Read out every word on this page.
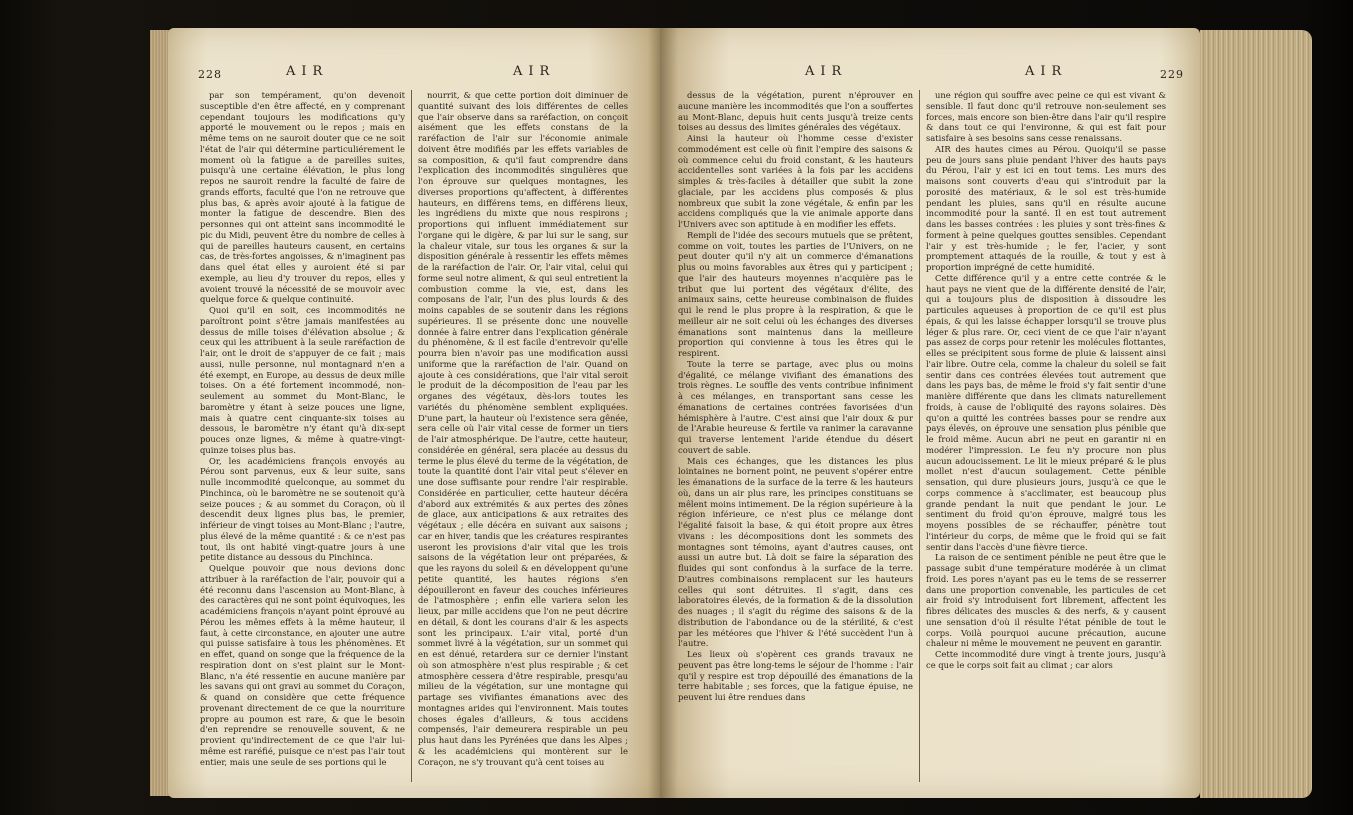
228	AIR	AIR

par son tempérament, qu'on devenoit susceptible d'en être affecté, en y comprenant cependant toujours les modifications qu'y apporté le mouvement ou le repos ; mais en même tems on ne sauroit douter que ce ne soit l'état de l'air qui détermine particuliérement le moment où la fatigue a de pareilles suites, puisqu'à une certaine élévation, le plus long repos ne sauroit rendre la faculté de faire de grands efforts, faculté que l'on ne retrouve que plus bas, & après avoir ajouté à la fatigue de monter la fatigue de descendre. Bien des personnes qui ont atteint sans incommodité le pic du Midi, peuvent être du nombre de celles à qui de pareilles hauteurs causent, en certains cas, de très-fortes angoisses, & n'imaginent pas dans quel état elles y auroient été si par exemple, au lieu d'y trouver du repos, elles y avoient trouvé la nécessité de se mouvoir avec quelque force & quelque continuité.

Quoi qu'il en soit, ces incommodités ne paroîtront point s'être jamais manifestées au dessus de mille toises d'élévation absolue ; & ceux qui les attribuent à la seule raréfaction de l'air, ont le droit de s'appuyer de ce fait ; mais aussi, nulle personne, nul montagnard n'en a été exempt, en Europe, au dessus de deux mille toises. On a été fortement incommodé, non-seulement au sommet du Mont-Blanc, le baromètre y étant à seize pouces une ligne, mais à quatre cent cinquante-six toises au dessous, le baromètre n'y étant qu'à dix-sept pouces onze lignes, & même à quatre-vingt-quinze toises plus bas.

Or, les académiciens françois envoyés au Pérou sont parvenus, eux & leur suite, sans nulle incommodité quelconque, au sommet du Pinchinca, où le baromètre ne se soutenoit qu'à seize pouces ; & au sommet du Coraçon, où il descendit deux lignes plus bas, le premier, inférieur de vingt toises au Mont-Blanc ; l'autre, plus élevé de la même quantité : & ce n'est pas tout, ils ont habité vingt-quatre jours à une petite distance au dessous du Pinchinca.

Quelque pouvoir que nous devions donc attribuer à la raréfaction de l'air, pouvoir qui a été reconnu dans l'ascension au Mont-Blanc, à des caractères qui ne sont point équivoques, les académiciens françois n'ayant point éprouvé au Pérou les mêmes effets à la même hauteur, il faut, à cette circonstance, en ajouter une autre qui puisse satisfaire à tous les phénomènes. Et en effet, quand on songe que la fréquence de la respiration dont on s'est plaint sur le Mont-Blanc, n'a été ressentie en aucune manière par les savans qui ont gravi au sommet du Coraçon, & quand on considère que cette fréquence provenant directement de ce que la nourriture propre au poumon est rare, & que le besoin d'en reprendre se renouvelle souvent, & ne provient qu'indirectement de ce que l'air lui-même est raréfié, puisque ce n'est pas l'air tout entier, mais une seule de ses portions qui le

nourrit, & que cette portion doit diminuer de quantité suivant des lois différentes de celles que l'air observe dans sa raréfaction, on conçoit aisément que les effets constans de la raréfaction de l'air sur l'économie animale doivent être modifiés par les effets variables de sa composition, & qu'il faut comprendre dans l'explication des incommodités singulières que l'on éprouve sur quelques montagnes, les diverses proportions qu'affectent, à différentes hauteurs, en différens tems, en différens lieux, les ingrédiens du mixte que nous respirons ; proportions qui influent immédiatement sur l'organe qui le digère, & par lui sur le sang, sur la chaleur vitale, sur tous les organes & sur la disposition générale à ressentir les effets mêmes de la raréfaction de l'air. Or, l'air vital, celui qui forme seul notre aliment, & qui seul entretient la combustion comme la vie, est, dans les composans de l'air, l'un des plus lourds & des moins capables de se soutenir dans les régions supérieures. Il se présente donc une nouvelle donnée à faire entrer dans l'explication générale du phénomène, & il est facile d'entrevoir qu'elle pourra bien n'avoir pas une modification aussi uniforme que la raréfaction de l'air. Quand on ajoute à ces considérations, que l'air vital seroit le produit de la décomposition de l'eau par les organes des végétaux, dès-lors toutes les variétés du phénomène semblent expliquées. D'une part, la hauteur où l'existence sera gênée, sera celle où l'air vital cesse de former un tiers de l'air atmosphérique. De l'autre, cette hauteur, considérée en général, sera placée au dessus du terme le plus élevé du terme de la végétation, de toute la quantité dont l'air vital peut s'élever en une dose suffisante pour rendre l'air respirable. Considérée en particulier, cette hauteur décéra d'abord aux extrémités & aux pertes des zônes de glace, aux anticipations & aux retraites des végétaux ; elle décéra en suivant aux saisons ; car en hiver, tandis que les créatures respirantes useront les provisions d'air vital que les trois saisons de la végétation leur ont préparées, & que les rayons du soleil & en développent qu'une petite quantité, les hautes régions s'en dépouilleront en faveur des couches inférieures de l'atmosphère ; enfin elle variera selon les lieux, par mille accidens que l'on ne peut décrire en détail, & dont les courans d'air & les aspects sont les principaux. L'air vital, porté d'un sommet livré à la végétation, sur un sommet qui en est dénué, retardera sur ce dernier l'instant où son atmosphère n'est plus respirable ; & cet atmosphère cessera d'être respirable, presqu'au milieu de la végétation, sur une montagne qui partage ses vivifiantes émanations avec des montagnes arides qui l'environnent. Mais toutes choses égales d'ailleurs, & tous accidens compensés, l'air demeurera respirable un peu plus haut dans les Pyrénées que dans les Alpes ; & les académiciens qui montèrent sur le Coraçon, ne s'y trouvant qu'à cent toises au

AIR	AIR	229

dessus de la végétation, purent n'éprouver en aucune manière les incommodités que l'on a souffertes au Mont-Blanc, depuis huit cents jusqu'à treize cents toises au dessus des limites générales des végétaux.

Ainsi la hauteur où l'homme cesse d'exister commodément est celle où finit l'empire des saisons & où commence celui du froid constant, & les hauteurs accidentelles sont variées à la fois par les accidens simples & très-faciles à détailler que subit la zone glaciale, par les accidens plus composés & plus nombreux que subit la zone végétale, & enfin par les accidens compliqués que la vie animale apporte dans l'Univers avec son aptitude à en modifier les effets.

Rempli de l'idée des secours mutuels que se prêtent, comme on voit, toutes les parties de l'Univers, on ne peut douter qu'il n'y ait un commerce d'émanations plus ou moins favorables aux êtres qui y participent ; que l'air des hauteurs moyennes n'acquière pas le tribut que lui portent des végétaux d'élite, des animaux sains, cette heureuse combinaison de fluides qui le rend le plus propre à la respiration, & que le meilleur air ne soit celui où les échanges des diverses émanations sont maintenus dans la meilleure proportion qui convienne à tous les êtres qui le respirent.

Toute la terre se partage, avec plus ou moins d'égalité, ce mélange vivifiant des émanations des trois règnes. Le souffle des vents contribue infiniment à ces mélanges, en transportant sans cesse les émanations de certaines contrées favorisées d'un hémisphère à l'autre. C'est ainsi que l'air doux & pur de l'Arabie heureuse & fertile va ranimer la caravanne qui traverse lentement l'aride étendue du désert couvert de sable.

Mais ces échanges, que les distances les plus lointaines ne bornent point, ne peuvent s'opérer entre les émanations de la surface de la terre & les hauteurs où, dans un air plus rare, les principes constituans se mêlent moins intimement. De la région supérieure à la région inférieure, ce n'est plus ce mélange dont l'égalité faisoit la base, & qui étoit propre aux êtres vivans : les décompositions dont les sommets des montagnes sont témoins, ayant d'autres causes, ont aussi un autre but. Là doit se faire la séparation des fluides qui sont confondus à la surface de la terre. D'autres combinaisons remplacent sur les hauteurs celles qui sont détruites. Il s'agit, dans ces laboratoires élevés, de la formation & de la dissolution des nuages ; il s'agit du régime des saisons & de la distribution de l'abondance ou de la stérilité, & c'est par les météores que l'hiver & l'été succèdent l'un à l'autre.

Les lieux où s'opèrent ces grands travaux ne peuvent pas être long-tems le séjour de l'homme : l'air qu'il y respire est trop dépouillé des émanations de la terre habitable ; ses forces, que la fatigue épuise, ne peuvent lui être rendues dans

une région qui souffre avec peine ce qui est vivant & sensible. Il faut donc qu'il retrouve non-seulement ses forces, mais encore son bien-être dans l'air qu'il respire & dans tout ce qui l'environne, & qui est fait pour satisfaire à ses besoins sans cesse renaissans.

AIR des hautes cimes au Pérou. Quoiqu'il se passe peu de jours sans pluie pendant l'hiver des hauts pays du Pérou, l'air y est ici en tout tems. Les murs des maisons sont couverts d'eau qui s'introduit par la porosité des matériaux, & le sol est très-humide pendant les pluies, sans qu'il en résulte aucune incommodité pour la santé. Il en est tout autrement dans les basses contrées : les pluies y sont très-fines & forment à peine quelques gouttes sensibles. Cependant l'air y est très-humide ; le fer, l'acier, y sont promptement attaqués de la rouille, & tout y est à proportion imprégné de cette humidité.

Cette différence qu'il y a entre cette contrée & le haut pays ne vient que de la différente densité de l'air, qui a toujours plus de disposition à dissoudre les particules aqueuses à proportion de ce qu'il est plus épais, & qui les laisse échapper lorsqu'il se trouve plus léger & plus rare. Or, ceci vient de ce que l'air n'ayant pas assez de corps pour retenir les molécules flottantes, elles se précipitent sous forme de pluie & laissent ainsi l'air libre. Outre cela, comme la chaleur du soleil se fait sentir dans ces contrées élevées tout autrement que dans les pays bas, de même le froid s'y fait sentir d'une manière différente que dans les climats naturellement froids, à cause de l'obliquité des rayons solaires. Dès qu'on a quitté les contrées basses pour se rendre aux pays élevés, on éprouve une sensation plus pénible que le froid même. Aucun abri ne peut en garantir ni en modérer l'impression. Le feu n'y procure non plus aucun adoucissement. Le lit le mieux préparé & le plus mollet n'est d'aucun soulagement. Cette pénible sensation, qui dure plusieurs jours, jusqu'à ce que le corps commence à s'acclimater, est beaucoup plus grande pendant la nuit que pendant le jour. Le sentiment du froid qu'on éprouve, malgré tous les moyens possibles de se réchauffer, pénètre tout l'intérieur du corps, de même que le froid qui se fait sentir dans l'accès d'une fièvre tierce.

La raison de ce sentiment pénible ne peut être que le passage subit d'une température modérée à un climat froid. Les pores n'ayant pas eu le tems de se resserrer dans une proportion convenable, les particules de cet air froid s'y introduisent fort librement, affectent les fibres délicates des muscles & des nerfs, & y causent une sensation d'où il résulte l'état pénible de tout le corps. Voilà pourquoi aucune précaution, aucune chaleur ni même le mouvement ne peuvent en garantir.

Cette incommodité dure vingt à trente jours, jusqu'à ce que le corps soit fait au climat ; car alors
